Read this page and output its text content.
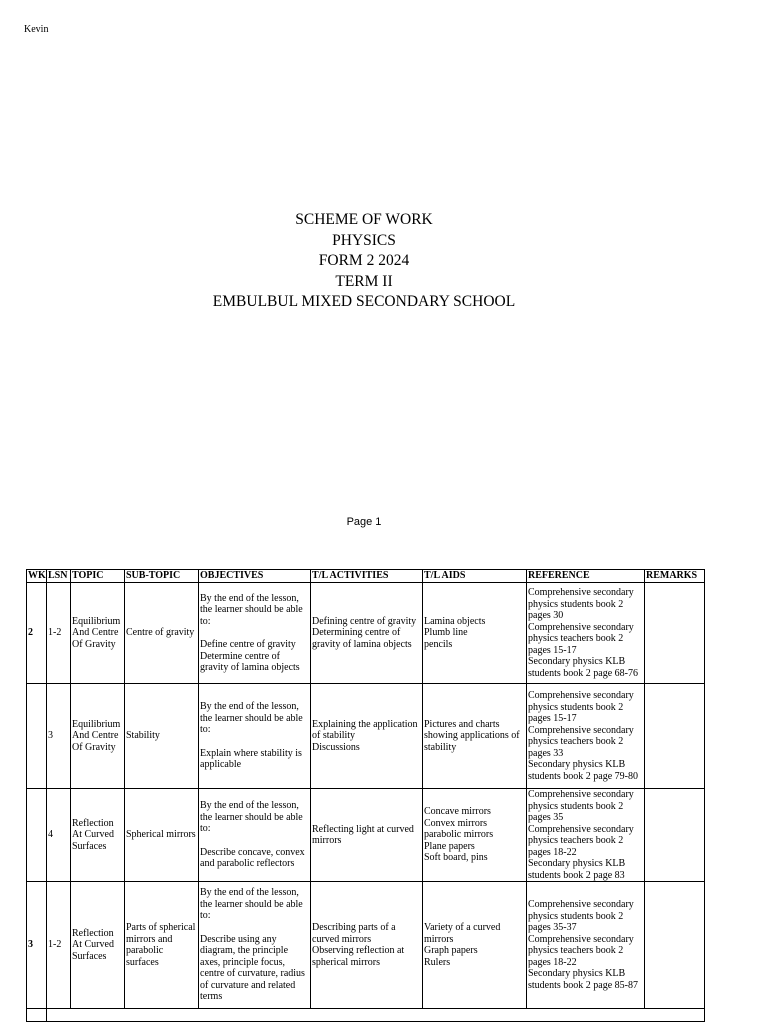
Kevin
SCHEME OF WORK
PHYSICS
FORM 2 2024
TERM II
EMBULBUL MIXED SECONDARY SCHOOL
Page 1
WK	LSN	TOPIC	SUB-TOPIC	OBJECTIVES	T/L ACTIVITIES	T/L AIDS	REFERENCE	REMARKS
2	1-2	Equilibrium And Centre Of Gravity	Centre of gravity	By the end of the lesson, the learner should be able to:
Define centre of gravity
Determine centre of gravity of lamina objects	Defining centre of gravity
Determining centre of gravity of lamina objects	Lamina objects
Plumb line
pencils	Comprehensive secondary physics students book 2 pages 30
Comprehensive secondary physics teachers book 2 pages 15-17
Secondary physics KLB students book 2 page 68-76	
	3	Equilibrium And Centre Of Gravity	Stability	By the end of the lesson, the learner should be able to:
Explain where stability is applicable	Explaining the application of stability
Discussions	Pictures and charts showing applications of stability	Comprehensive secondary physics students book 2 pages 15-17
Comprehensive secondary physics teachers book 2 pages 33
Secondary physics KLB students book 2 page 79-80	
	4	Reflection At Curved Surfaces	Spherical mirrors	By the end of the lesson, the learner should be able to:
Describe concave, convex and parabolic reflectors	Reflecting light at curved mirrors	Concave mirrors
Convex mirrors
parabolic mirrors
Plane papers
Soft board, pins	Comprehensive secondary physics students book 2 pages 35
Comprehensive secondary physics teachers book 2 pages 18-22
Secondary physics KLB students book 2 page 83	
3	1-2	Reflection At Curved Surfaces	Parts of spherical mirrors and parabolic surfaces	By the end of the lesson, the learner should be able to:
Describe using any diagram, the principle axes, principle focus, centre of curvature, radius of curvature and related terms	Describing parts of a curved mirrors
Observing reflection at spherical mirrors	Variety of a curved mirrors
Graph papers
Rulers	Comprehensive secondary physics students book 2 pages 35-37
Comprehensive secondary physics teachers book 2 pages 18-22
Secondary physics KLB students book 2 page 85-87	
